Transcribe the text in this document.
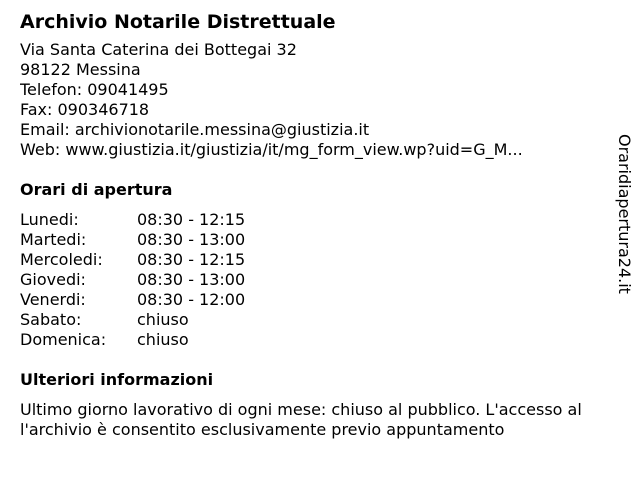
Archivio Notarile Distrettuale
Via Santa Caterina dei Bottegai 32
98122 Messina
Telefon: 09041495
Fax: 090346718
Email: archivionotarile.messina@giustizia.it
Web: www.giustizia.it/giustizia/it/mg_form_view.wp?uid=G_M...
Orari di apertura
Lunedi:	08:30 - 12:15
Martedi:	08:30 - 13:00
Mercoledi:	08:30 - 12:15
Giovedi:	08:30 - 13:00
Venerdi:	08:30 - 12:00
Sabato:	chiuso
Domenica:	chiuso
Ulteriori informazioni
Ultimo giorno lavorativo di ogni mese: chiuso al pubblico. L'accesso all'archivio è consentito esclusivamente previo appuntamento
Oraridiapertura24.it
